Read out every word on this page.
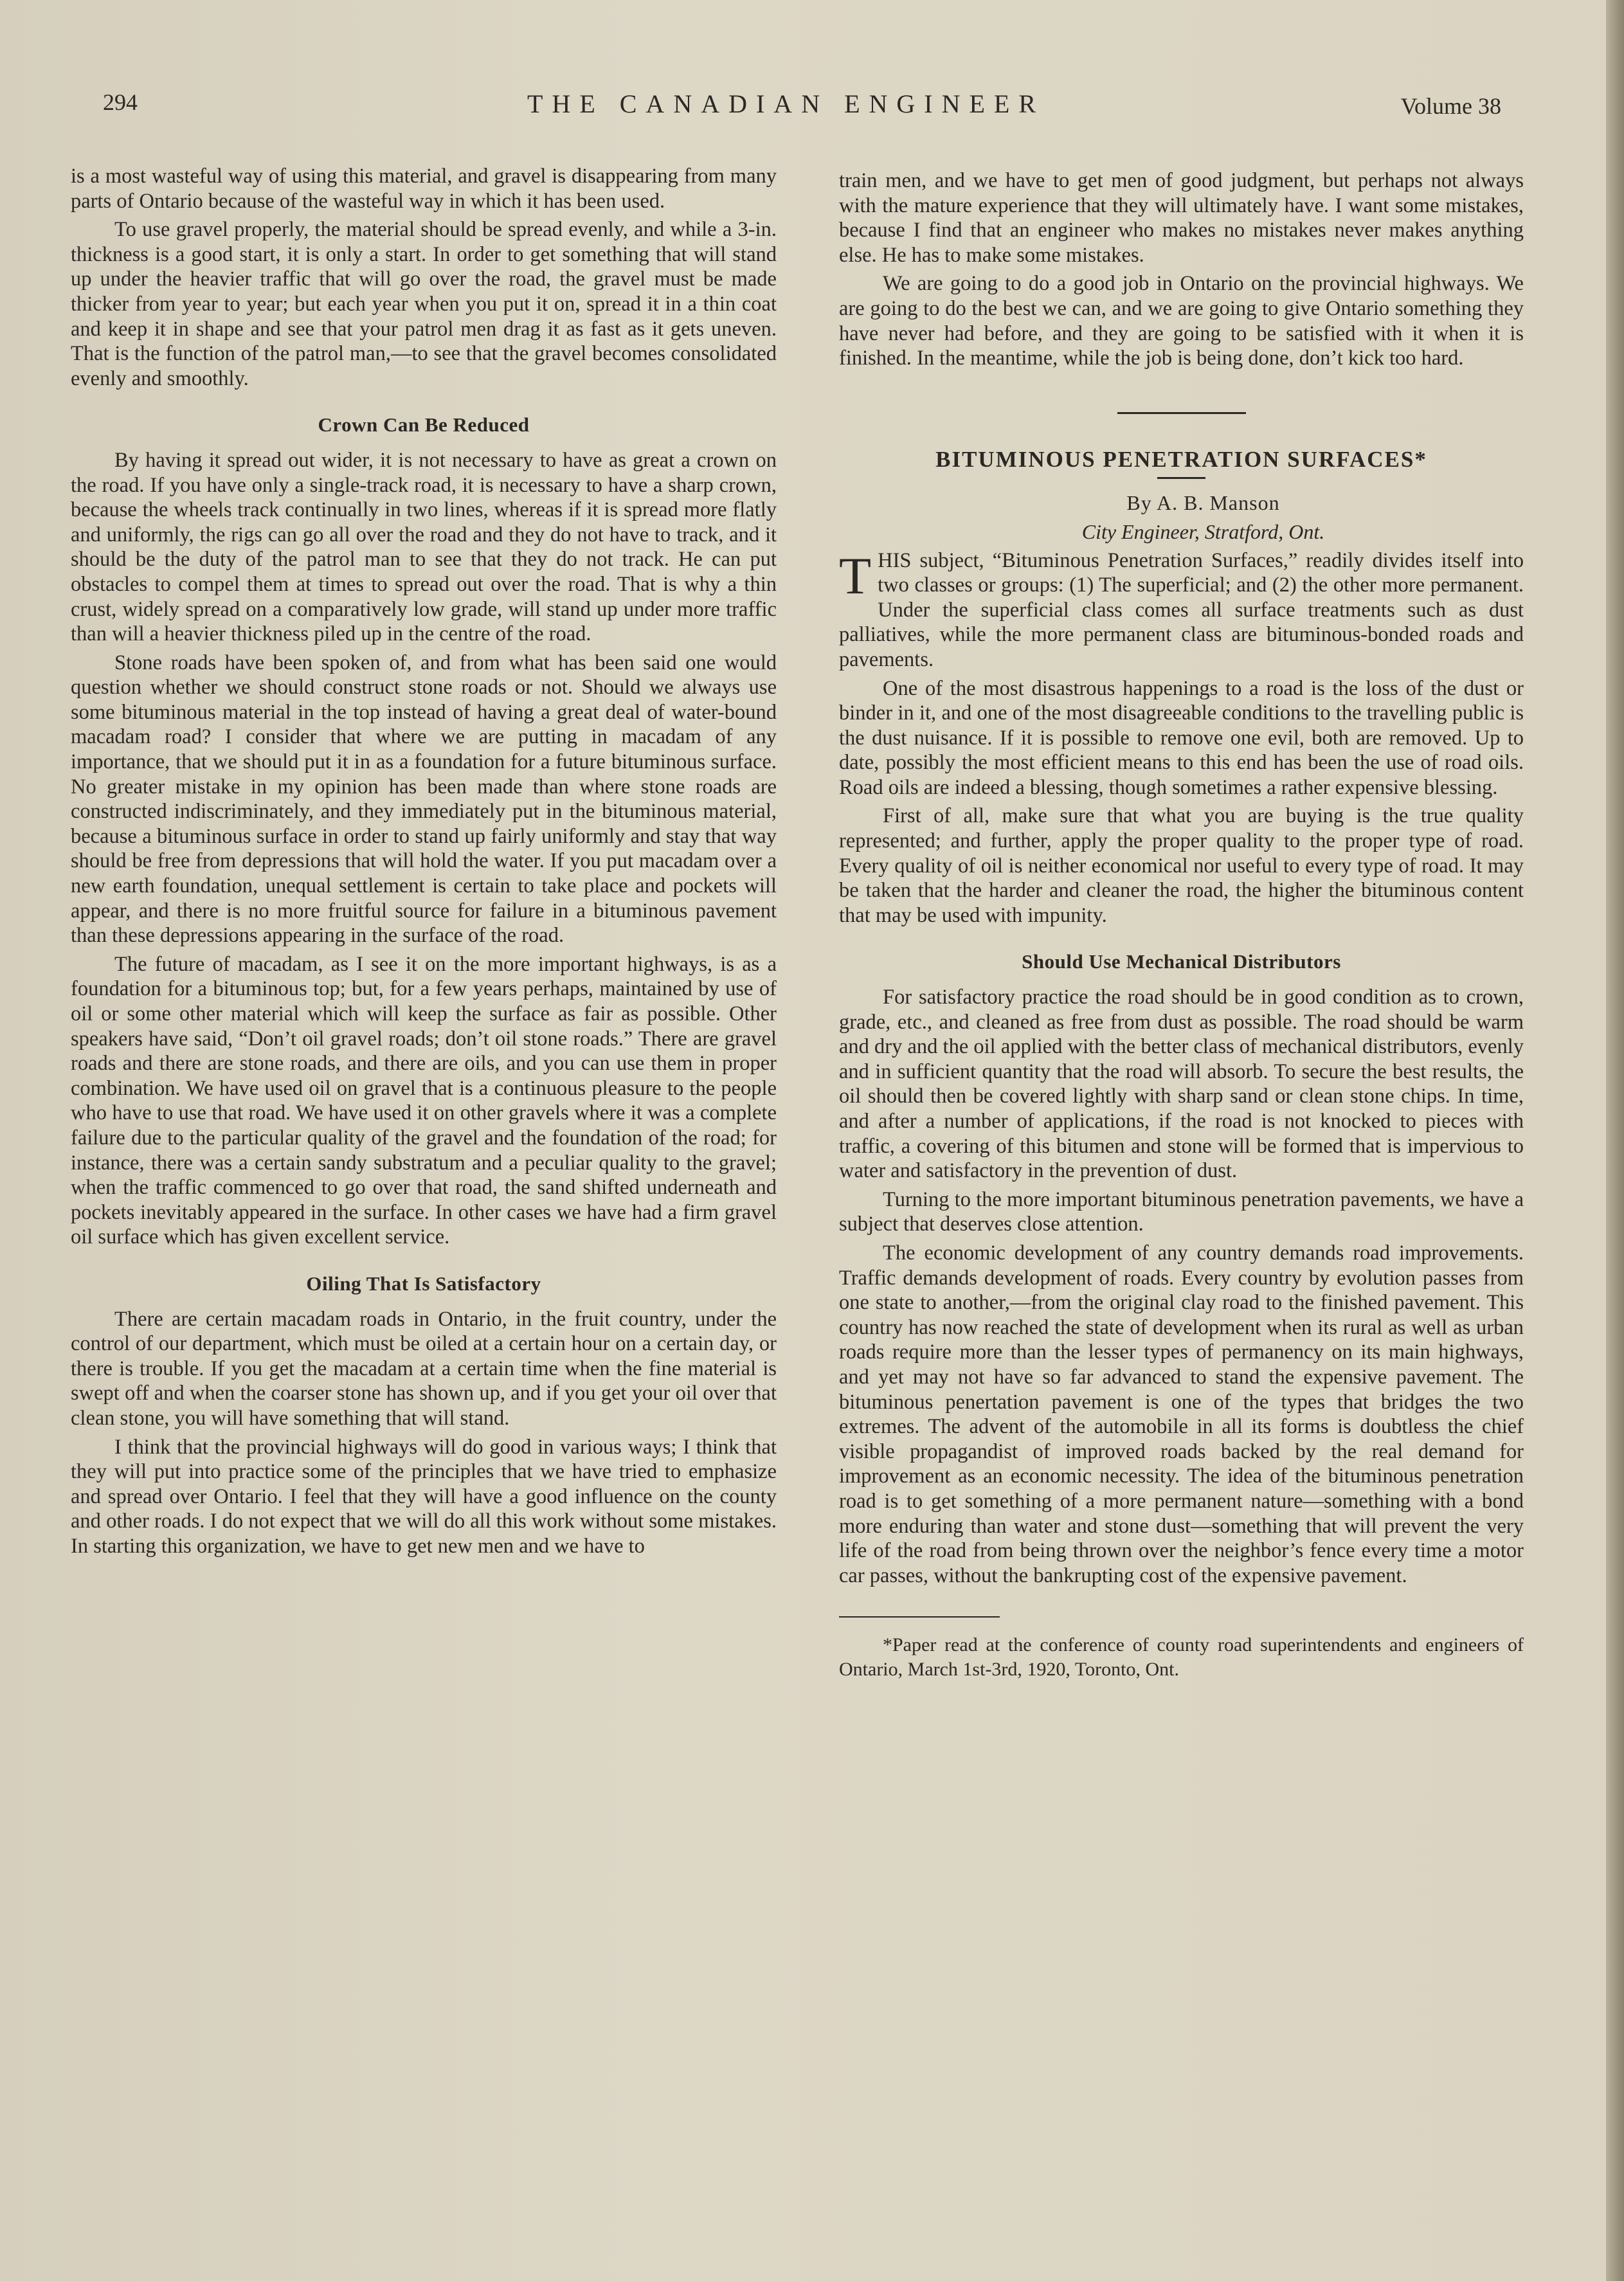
294	THE CANADIAN ENGINEER	Volume 38

is a most wasteful way of using this material, and gravel is disappearing from many parts of Ontario because of the wasteful way in which it has been used.

To use gravel properly, the material should be spread evenly, and while a 3-in. thickness is a good start, it is only a start. In order to get something that will stand up under the heavier traffic that will go over the road, the gravel must be made thicker from year to year; but each year when you put it on, spread it in a thin coat and keep it in shape and see that your patrol men drag it as fast as it gets uneven. That is the function of the patrol man,—to see that the gravel becomes consolidated evenly and smoothly.

Crown Can Be Reduced

By having it spread out wider, it is not necessary to have as great a crown on the road. If you have only a single-track road, it is necessary to have a sharp crown, because the wheels track continually in two lines, whereas if it is spread more flatly and uniformly, the rigs can go all over the road and they do not have to track, and it should be the duty of the patrol man to see that they do not track. He can put obstacles to compel them at times to spread out over the road. That is why a thin crust, widely spread on a comparatively low grade, will stand up under more traffic than will a heavier thickness piled up in the centre of the road.

Stone roads have been spoken of, and from what has been said one would question whether we should construct stone roads or not. Should we always use some bituminous material in the top instead of having a great deal of water-bound macadam road? I consider that where we are putting in macadam of any importance, that we should put it in as a foundation for a future bituminous surface. No greater mistake in my opinion has been made than where stone roads are constructed indiscriminately, and they immediately put in the bituminous material, because a bituminous surface in order to stand up fairly uniformly and stay that way should be free from depressions that will hold the water. If you put macadam over a new earth foundation, unequal settlement is certain to take place and pockets will appear, and there is no more fruitful source for failure in a bituminous pavement than these depressions appearing in the surface of the road.

The future of macadam, as I see it on the more important highways, is as a foundation for a bituminous top; but, for a few years perhaps, maintained by use of oil or some other material which will keep the surface as fair as possible. Other speakers have said, “Don’t oil gravel roads; don’t oil stone roads.” There are gravel roads and there are stone roads, and there are oils, and you can use them in proper combination. We have used oil on gravel that is a continuous pleasure to the people who have to use that road. We have used it on other gravels where it was a complete failure due to the particular quality of the gravel and the foundation of the road; for instance, there was a certain sandy substratum and a peculiar quality to the gravel; when the traffic commenced to go over that road, the sand shifted underneath and pockets inevitably appeared in the surface. In other cases we have had a firm gravel oil surface which has given excellent service.

Oiling That Is Satisfactory

There are certain macadam roads in Ontario, in the fruit country, under the control of our department, which must be oiled at a certain hour on a certain day, or there is trouble. If you get the macadam at a certain time when the fine material is swept off and when the coarser stone has shown up, and if you get your oil over that clean stone, you will have something that will stand.

I think that the provincial highways will do good in various ways; I think that they will put into practice some of the principles that we have tried to emphasize and spread over Ontario. I feel that they will have a good influence on the county and other roads. I do not expect that we will do all this work without some mistakes. In starting this organization, we have to get new men and we have to

train men, and we have to get men of good judgment, but perhaps not always with the mature experience that they will ultimately have. I want some mistakes, because I find that an engineer who makes no mistakes never makes anything else. He has to make some mistakes.

We are going to do a good job in Ontario on the provincial highways. We are going to do the best we can, and we are going to give Ontario something they have never had before, and they are going to be satisfied with it when it is finished. In the meantime, while the job is being done, don’t kick too hard.

BITUMINOUS PENETRATION SURFACES*

By A. B. Manson

City Engineer, Stratford, Ont.

THIS subject, “Bituminous Penetration Surfaces,” readily divides itself into two classes or groups: (1) The superficial; and (2) the other more permanent. Under the superficial class comes all surface treatments such as dust palliatives, while the more permanent class are bituminous-bonded roads and pavements.

One of the most disastrous happenings to a road is the loss of the dust or binder in it, and one of the most disagreeable conditions to the travelling public is the dust nuisance. If it is possible to remove one evil, both are removed. Up to date, possibly the most efficient means to this end has been the use of road oils. Road oils are indeed a blessing, though sometimes a rather expensive blessing.

First of all, make sure that what you are buying is the true quality represented; and further, apply the proper quality to the proper type of road. Every quality of oil is neither economical nor useful to every type of road. It may be taken that the harder and cleaner the road, the higher the bituminous content that may be used with impunity.

Should Use Mechanical Distributors

For satisfactory practice the road should be in good condition as to crown, grade, etc., and cleaned as free from dust as possible. The road should be warm and dry and the oil applied with the better class of mechanical distributors, evenly and in sufficient quantity that the road will absorb. To secure the best results, the oil should then be covered lightly with sharp sand or clean stone chips. In time, and after a number of applications, if the road is not knocked to pieces with traffic, a covering of this bitumen and stone will be formed that is impervious to water and satisfactory in the prevention of dust.

Turning to the more important bituminous penetration pavements, we have a subject that deserves close attention.

The economic development of any country demands road improvements. Traffic demands development of roads. Every country by evolution passes from one state to another,—from the original clay road to the finished pavement. This country has now reached the state of development when its rural as well as urban roads require more than the lesser types of permanency on its main highways, and yet may not have so far advanced to stand the expensive pavement. The bituminous penertation pavement is one of the types that bridges the two extremes. The advent of the automobile in all its forms is doubtless the chief visible propagandist of improved roads backed by the real demand for improvement as an economic necessity. The idea of the bituminous penetration road is to get something of a more permanent nature—something with a bond more enduring than water and stone dust—something that will prevent the very life of the road from being thrown over the neighbor’s fence every time a motor car passes, without the bankrupting cost of the expensive pavement.

*Paper read at the conference of county road superintendents and engineers of Ontario, March 1st-3rd, 1920, Toronto, Ont.
